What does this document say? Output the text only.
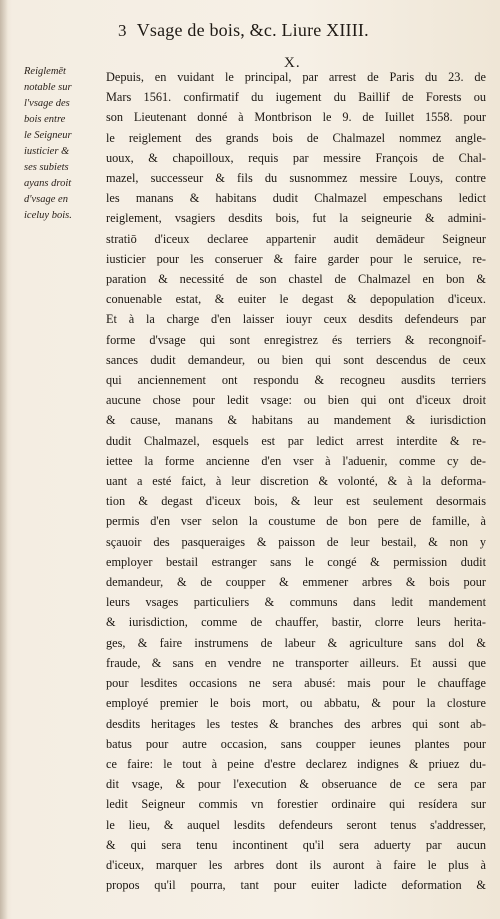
3 Vsage de bois, &c. Liure XIIII.
X.
Reiglemēt
notable sur
l'vsage des
bois entre
le Seigneur
iusticier &
ses subiets
ayans droit
d'vsage en
iceluy bois.
Depuis, en vuidant le principal, par arrest de Paris du 23. de
Mars 1561. confirmatif du iugement du Baillif de Forests ou
son Lieutenant donné à Montbrison le 9. de Iuillet 1558. pour
le reiglement des grands bois de Chalmazel nommez angle-
uoux, & chapoilloux, requis par messire François de Chal-
mazel, successeur & fils du susnommez messire Louys, contre
les manans & habitans dudit Chalmazel empeschans ledict
reiglement, vsagiers desdits bois, fut la seigneurie & admini-
stratiō d'iceux declaree appartenir audit demādeur Seigneur
iusticier pour les conseruer & faire garder pour le seruice, re-
paration & necessité de son chastel de Chalmazel en bon &
conuenable estat, & euiter le degast & depopulation d'iceux.
Et à la charge d'en laisser iouyr ceux desdits defendeurs par
forme d'vsage qui sont enregistrez és terriers & recongnoif-
sances dudit demandeur, ou bien qui sont descendus de ceux
qui anciennement ont respondu & recogneu ausdits terriers
aucune chose pour ledit vsage: ou bien qui ont d'iceux droit
& cause, manans & habitans au mandement & iurisdiction
dudit Chalmazel, esquels est par ledict arrest interdite & re-
iettee la forme ancienne d'en vser à l'aduenir, comme cy de-
uant a esté faict, à leur discretion & volonté, & à la deforma-
tion & degast d'iceux bois, & leur est seulement desormais
permis d'en vser selon la coustume de bon pere de famille, à
sçauoir des pasqueraiges & paisson de leur bestail, & non y
employer bestail estranger sans le congé & permission dudit
demandeur, & de coupper & emmener arbres & bois pour
leurs vsages particuliers & communs dans ledit mandement
& iurisdiction, comme de chauffer, bastir, clorre leurs herita-
ges, & faire instrumens de labeur & agriculture sans dol &
fraude, & sans en vendre ne transporter ailleurs. Et aussi que
pour lesdites occasions ne sera abusé: mais pour le chauffage
employé premier le bois mort, ou abbatu, & pour la closture
desdits heritages les testes & branches des arbres qui sont ab-
batus pour autre occasion, sans coupper ieunes plantes pour
ce faire: le tout à peine d'estre declarez indignes & priuez du-
dit vsage, & pour l'execution & obseruance de ce sera par
ledit Seigneur commis vn forestier ordinaire qui resídera sur
le lieu, & auquel lesdits defendeurs seront tenus s'addresser,
& qui sera tenu incontinent qu'il sera aduerty par aucun
d'iceux, marquer les arbres dont ils auront à faire le plus à
propos qu'il pourra, tant pour euiter ladicte deformation &
